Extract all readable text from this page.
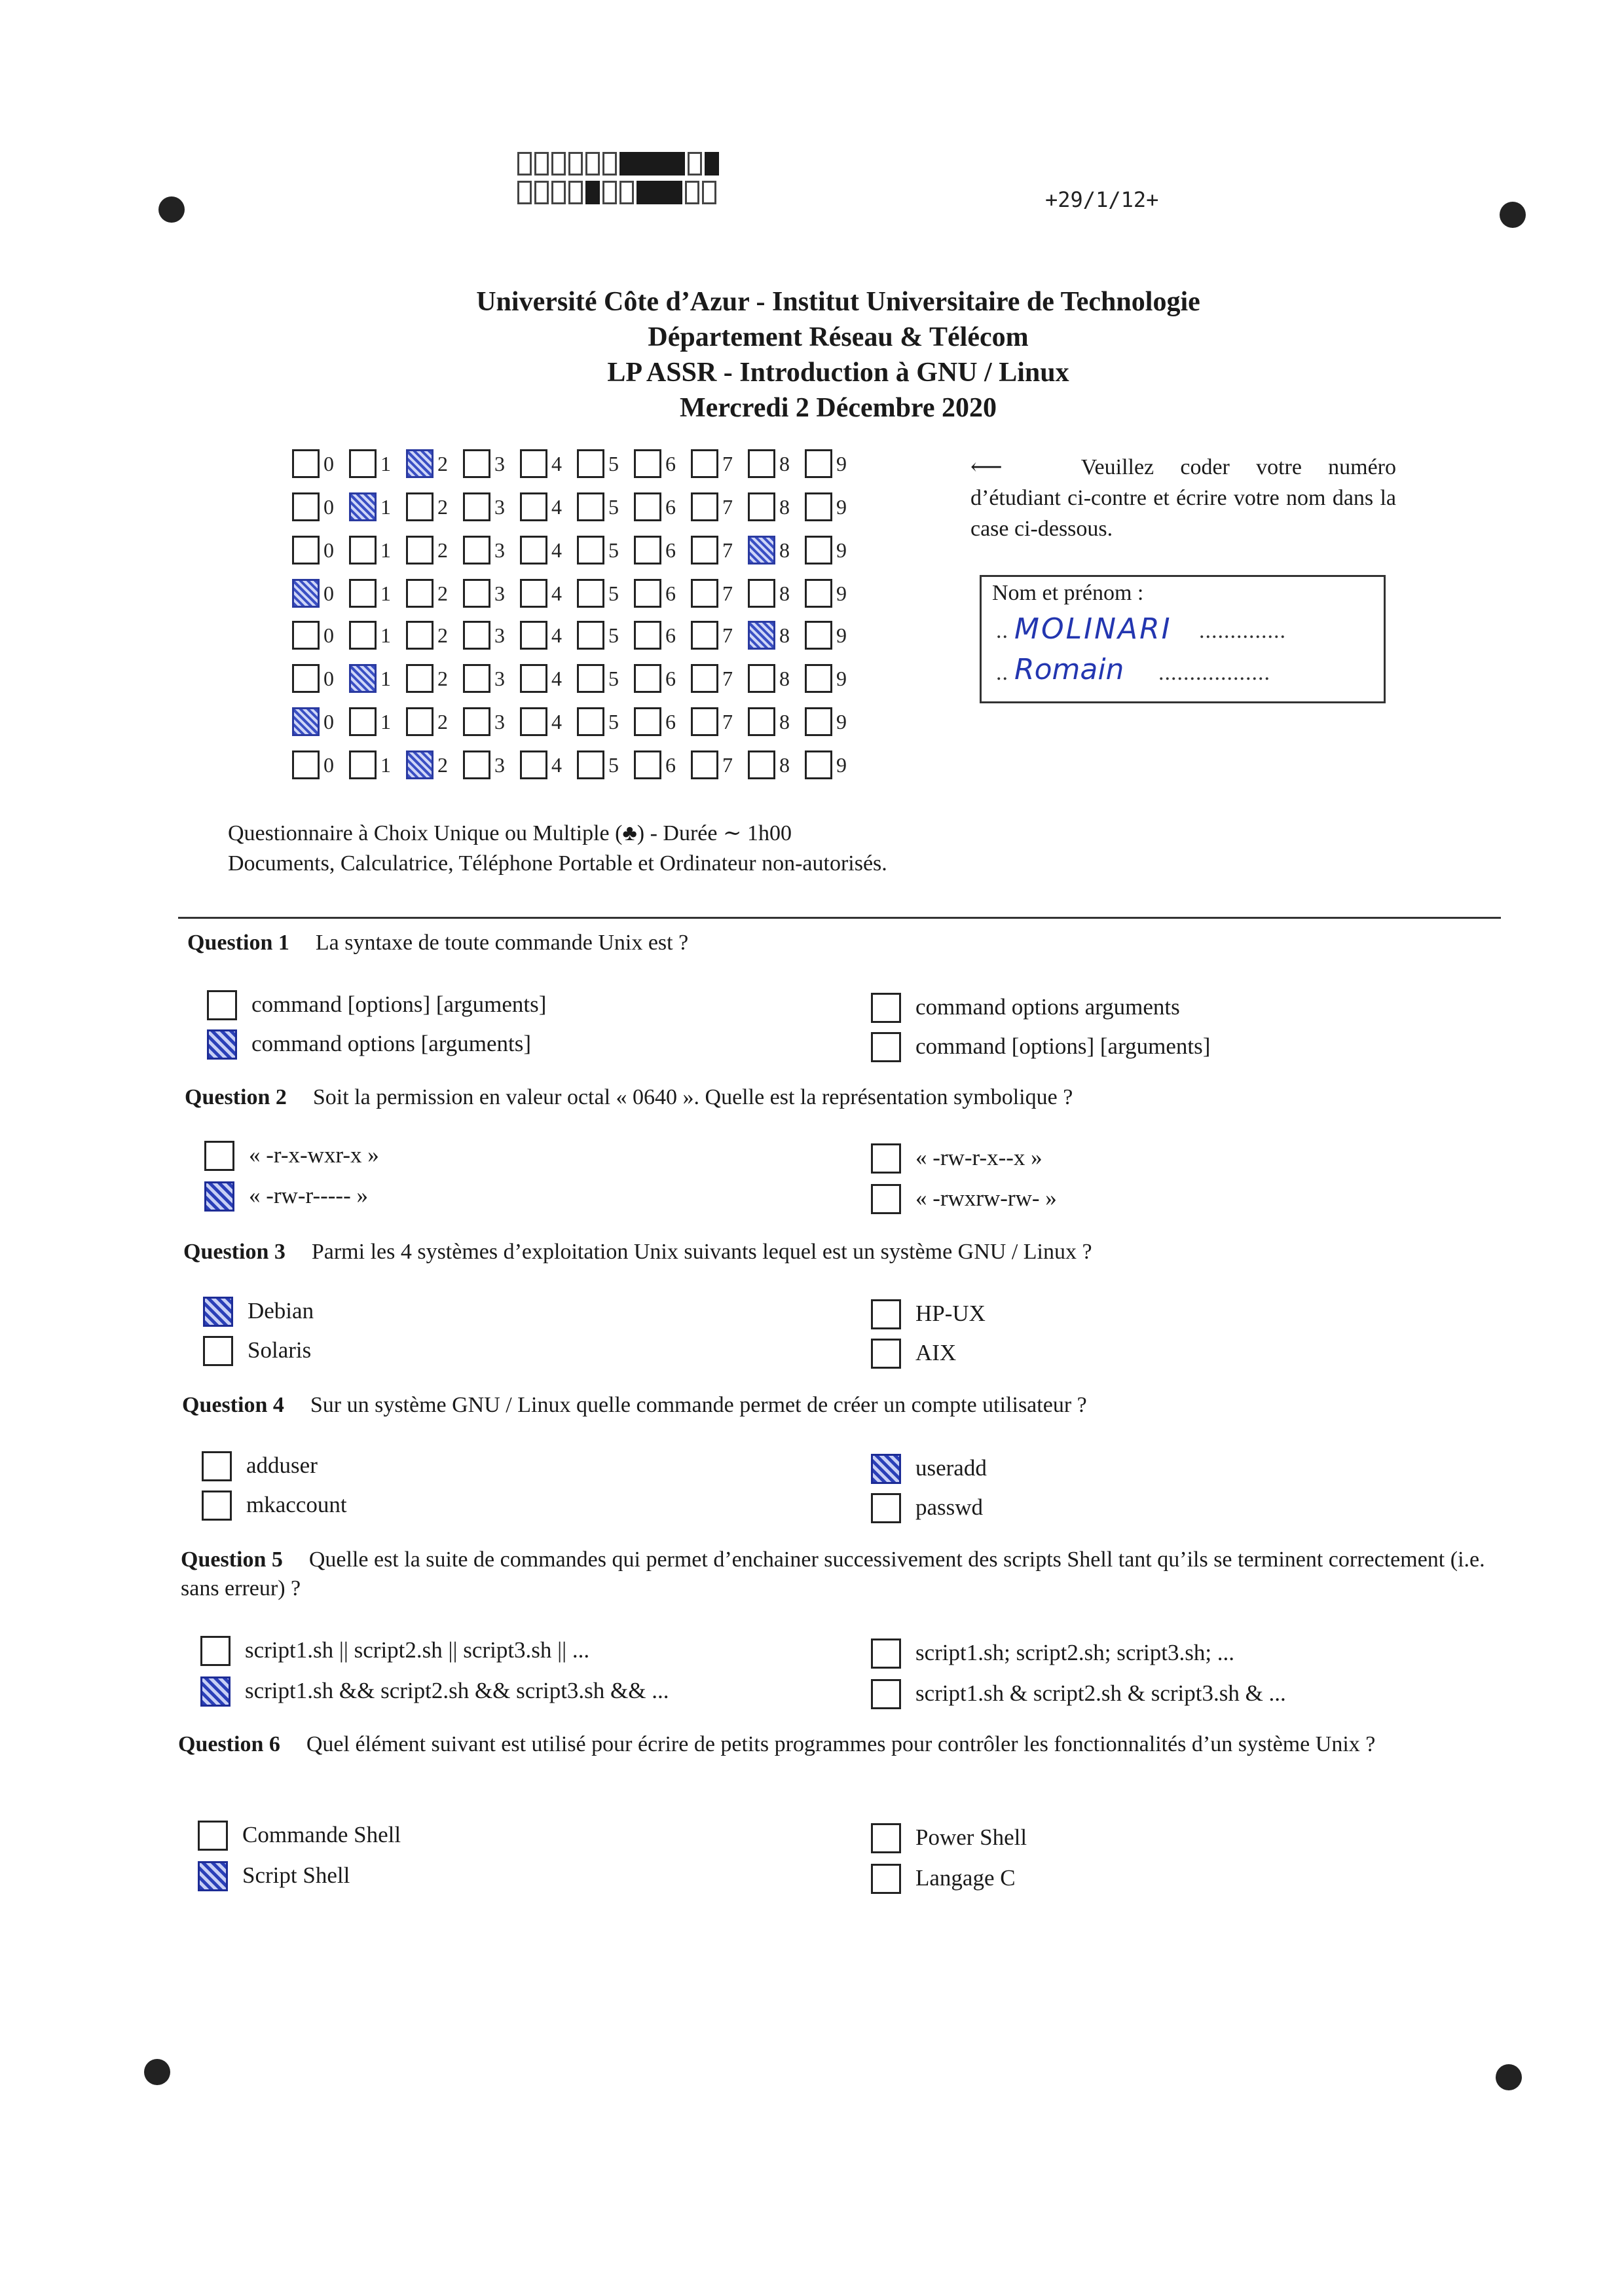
+29/1/12+
Université Côte d’Azur - Institut Universitaire de Technologie
Département Réseau & Télécom
LP ASSR - Introduction à GNU / Linux
Mercredi 2 Décembre 2020
0 1 2 3 4 5 6 7 8 9
0 1 2 3 4 5 6 7 8 9
0 1 2 3 4 5 6 7 8 9
0 1 2 3 4 5 6 7 8 9
0 1 2 3 4 5 6 7 8 9
0 1 2 3 4 5 6 7 8 9
0 1 2 3 4 5 6 7 8 9
0 1 2 3 4 5 6 7 8 9
⟵	Veuillez coder votre numéro d’étudiant ci-contre et écrire votre nom dans la case ci-dessous.
Nom et prénom :
.. MOLINARI ..............
.. Romain ..................
Questionnaire à Choix Unique ou Multiple (♣) - Durée ∼ 1h00
Documents, Calculatrice, Téléphone Portable et Ordinateur non-autorisés.
Question 1 La syntaxe de toute commande Unix est ?
command [options] [arguments]
command options [arguments]
command options arguments
command [options] [arguments]
Question 2 Soit la permission en valeur octal « 0640 ». Quelle est la représentation symbolique ?
« -r-x-wxr-x »
« -rw-r----- »
« -rw-r-x--x »
« -rwxrw-rw- »
Question 3 Parmi les 4 systèmes d’exploitation Unix suivants lequel est un système GNU / Linux ?
Debian
Solaris
HP-UX
AIX
Question 4 Sur un système GNU / Linux quelle commande permet de créer un compte utilisateur ?
adduser
mkaccount
useradd
passwd
Question 5 Quelle est la suite de commandes qui permet d’enchainer successivement des scripts Shell tant qu’ils se terminent correctement (i.e. sans erreur) ?
script1.sh || script2.sh || script3.sh || ...
script1.sh && script2.sh && script3.sh && ...
script1.sh; script2.sh; script3.sh; ...
script1.sh & script2.sh & script3.sh & ...
Question 6 Quel élément suivant est utilisé pour écrire de petits programmes pour contrôler les fonctionnalités d’un système Unix ?
Commande Shell
Script Shell
Power Shell
Langage C
